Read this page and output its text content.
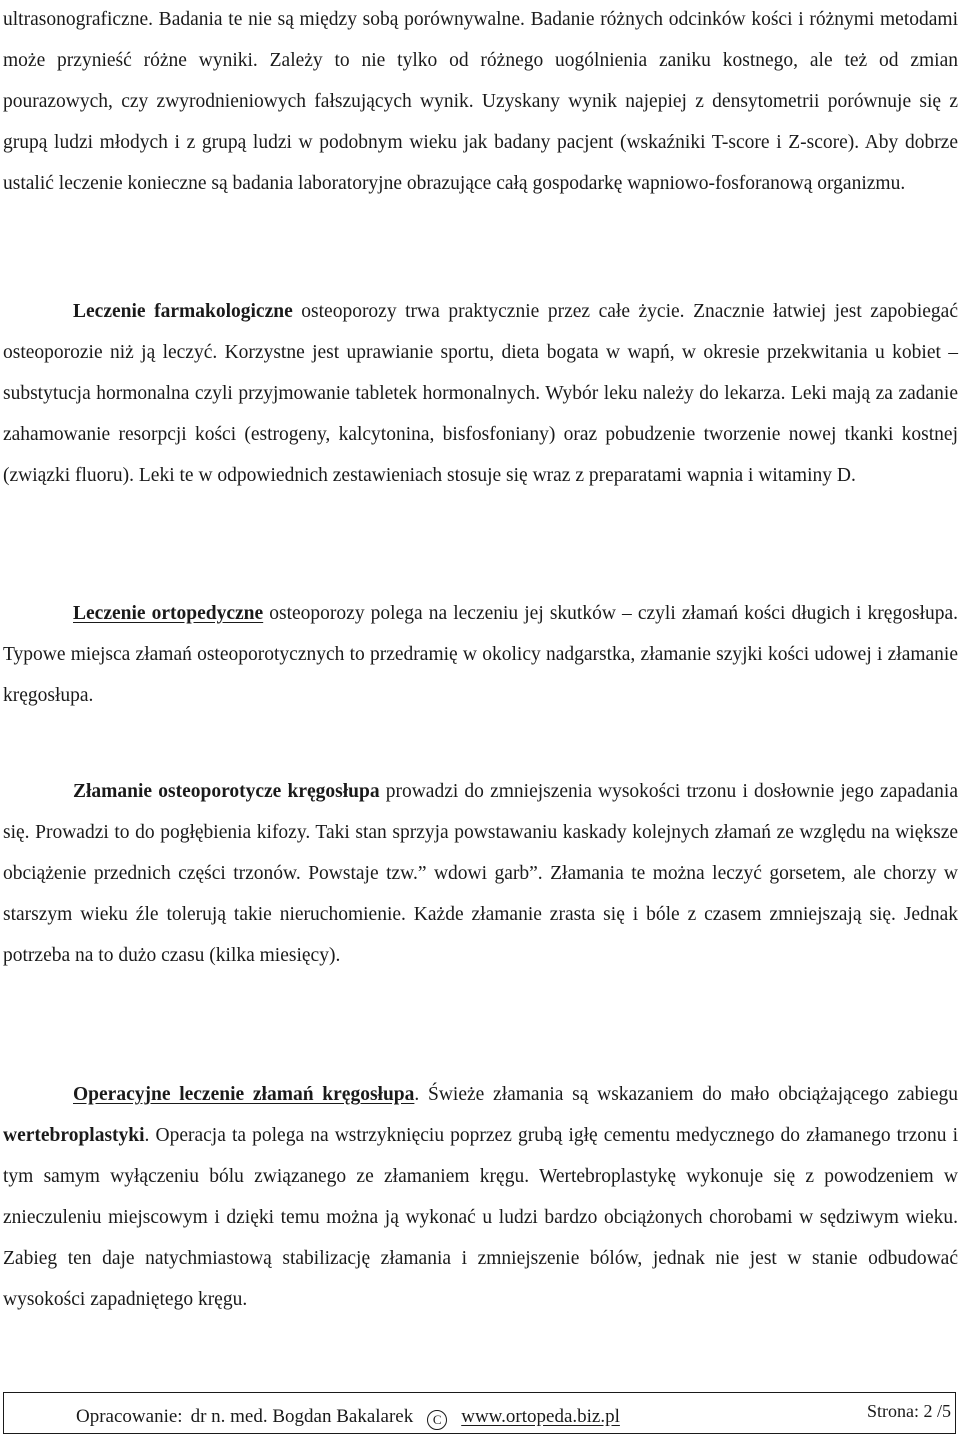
ultrasonograficzne. Badania te nie są między sobą porównywalne. Badanie różnych odcinków kości i różnymi metodami może przynieść różne wyniki. Zależy to nie tylko od różnego uogólnienia zaniku kostnego, ale też od zmian pourazowych, czy zwyrodnieniowych fałszujących wynik. Uzyskany wynik najepiej z densytometrii porównuje się z grupą ludzi młodych i z grupą ludzi w podobnym wieku jak badany pacjent (wskaźniki T-score i Z-score). Aby dobrze ustalić leczenie konieczne są badania laboratoryjne obrazujące całą gospodarkę wapniowo-fosforanową organizmu.

Leczenie farmakologiczne osteoporozy trwa praktycznie przez całe życie. Znacznie łatwiej jest zapobiegać osteoporozie niż ją leczyć. Korzystne jest uprawianie sportu, dieta bogata w wapń, w okresie przekwitania u kobiet – substytucja hormonalna czyli przyjmowanie tabletek hormonalnych. Wybór leku należy do lekarza. Leki mają za zadanie zahamowanie resorpcji kości (estrogeny, kalcytonina, bisfosfoniany) oraz pobudzenie tworzenie nowej tkanki kostnej (związki fluoru). Leki te w odpowiednich zestawieniach stosuje się wraz z preparatami wapnia i witaminy D.

Leczenie ortopedyczne osteoporozy polega na leczeniu jej skutków – czyli złamań kości długich i kręgosłupa. Typowe miejsca złamań osteoporotycznych to przedramię w okolicy nadgarstka, złamanie szyjki kości udowej i złamanie kręgosłupa.

Złamanie osteoporotycze kręgosłupa prowadzi do zmniejszenia wysokości trzonu i dosłownie jego zapadania się. Prowadzi to do pogłębienia kifozy. Taki stan sprzyja powstawaniu kaskady kolejnych złamań ze względu na większe obciążenie przednich części trzonów. Powstaje tzw.” wdowi garb”. Złamania te można leczyć gorsetem, ale chorzy w starszym wieku źle tolerują takie nieruchomienie. Każde złamanie zrasta się i bóle z czasem zmniejszają się. Jednak potrzeba na to dużo czasu (kilka miesięcy).

Operacyjne leczenie złamań kręgosłupa. Świeże złamania są wskazaniem do mało obciążającego zabiegu wertebroplastyki. Operacja ta polega na wstrzyknięciu poprzez grubą igłę cementu medycznego do złamanego trzonu i tym samym wyłączeniu bólu związanego ze złamaniem kręgu. Wertebroplastykę wykonuje się z powodzeniem w znieczuleniu miejscowym i dzięki temu można ją wykonać u ludzi bardzo obciążonych chorobami w sędziwym wieku. Zabieg ten daje natychmiastową stabilizację złamania i zmniejszenie bólów, jednak nie jest w stanie odbudować wysokości zapadniętego kręgu.

Opracowanie: dr n. med. Bogdan Bakalarek C www.ortopeda.biz.pl	Strona: 2 /5
